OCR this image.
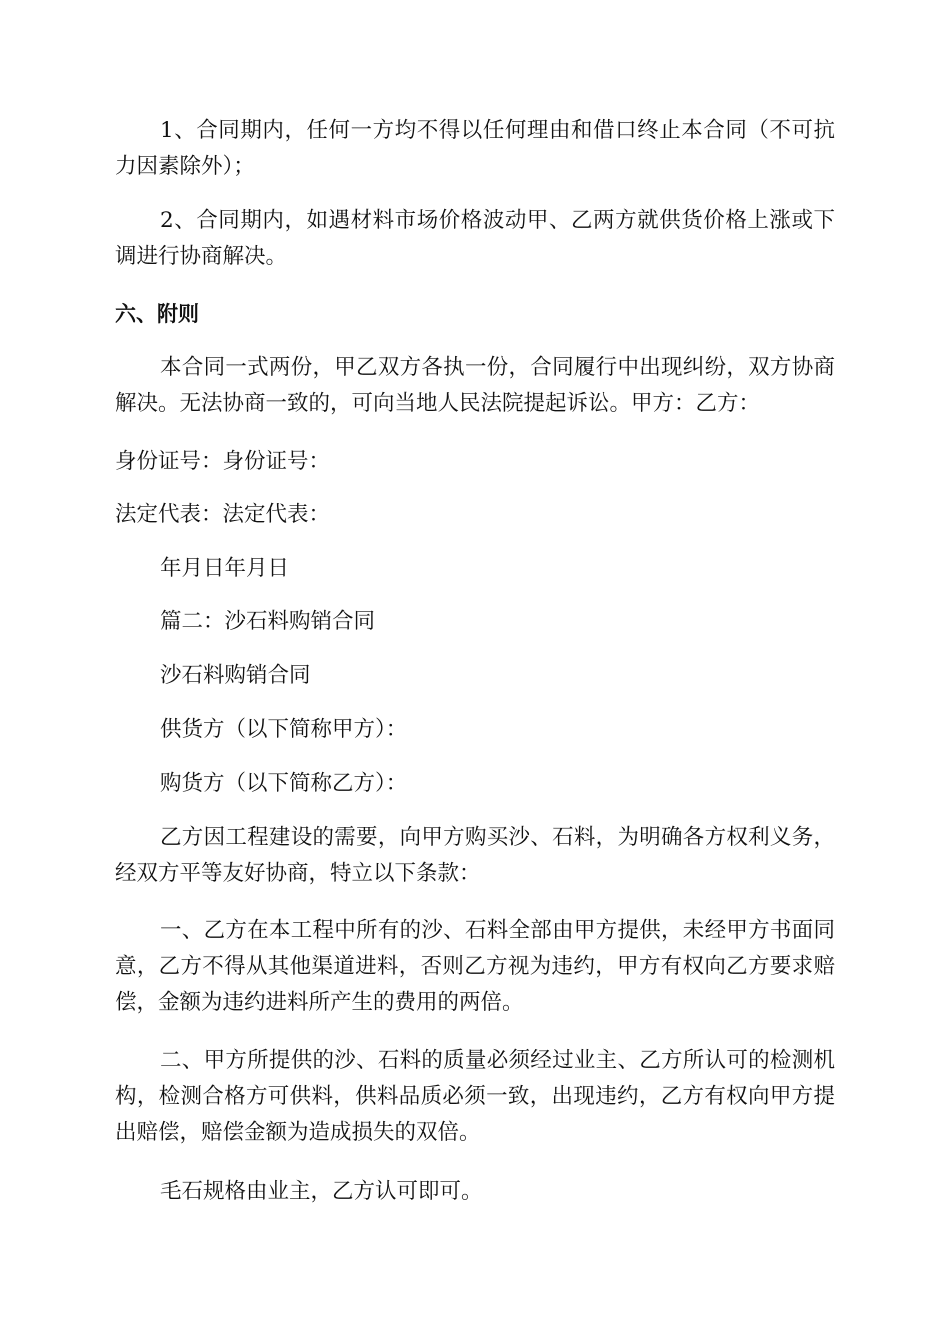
1、合同期内，任何一方均不得以任何理由和借口终止本合同（不可抗力因素除外）；

2、合同期内，如遇材料市场价格波动甲、乙两方就供货价格上涨或下调进行协商解决。

六、附则

本合同一式两份，甲乙双方各执一份，合同履行中出现纠纷，双方协商解决。无法协商一致的，可向当地人民法院提起诉讼。甲方：乙方：

身份证号：身份证号：

法定代表：法定代表：

年月日年月日

篇二：沙石料购销合同

沙石料购销合同

供货方（以下简称甲方）：

购货方（以下简称乙方）：

乙方因工程建设的需要，向甲方购买沙、石料，为明确各方权利义务，经双方平等友好协商，特立以下条款：

一、乙方在本工程中所有的沙、石料全部由甲方提供，未经甲方书面同意，乙方不得从其他渠道进料，否则乙方视为违约，甲方有权向乙方要求赔偿，金额为违约进料所产生的费用的两倍。

二、甲方所提供的沙、石料的质量必须经过业主、乙方所认可的检测机构，检测合格方可供料，供料品质必须一致，出现违约，乙方有权向甲方提出赔偿，赔偿金额为造成损失的双倍。

毛石规格由业主，乙方认可即可。
